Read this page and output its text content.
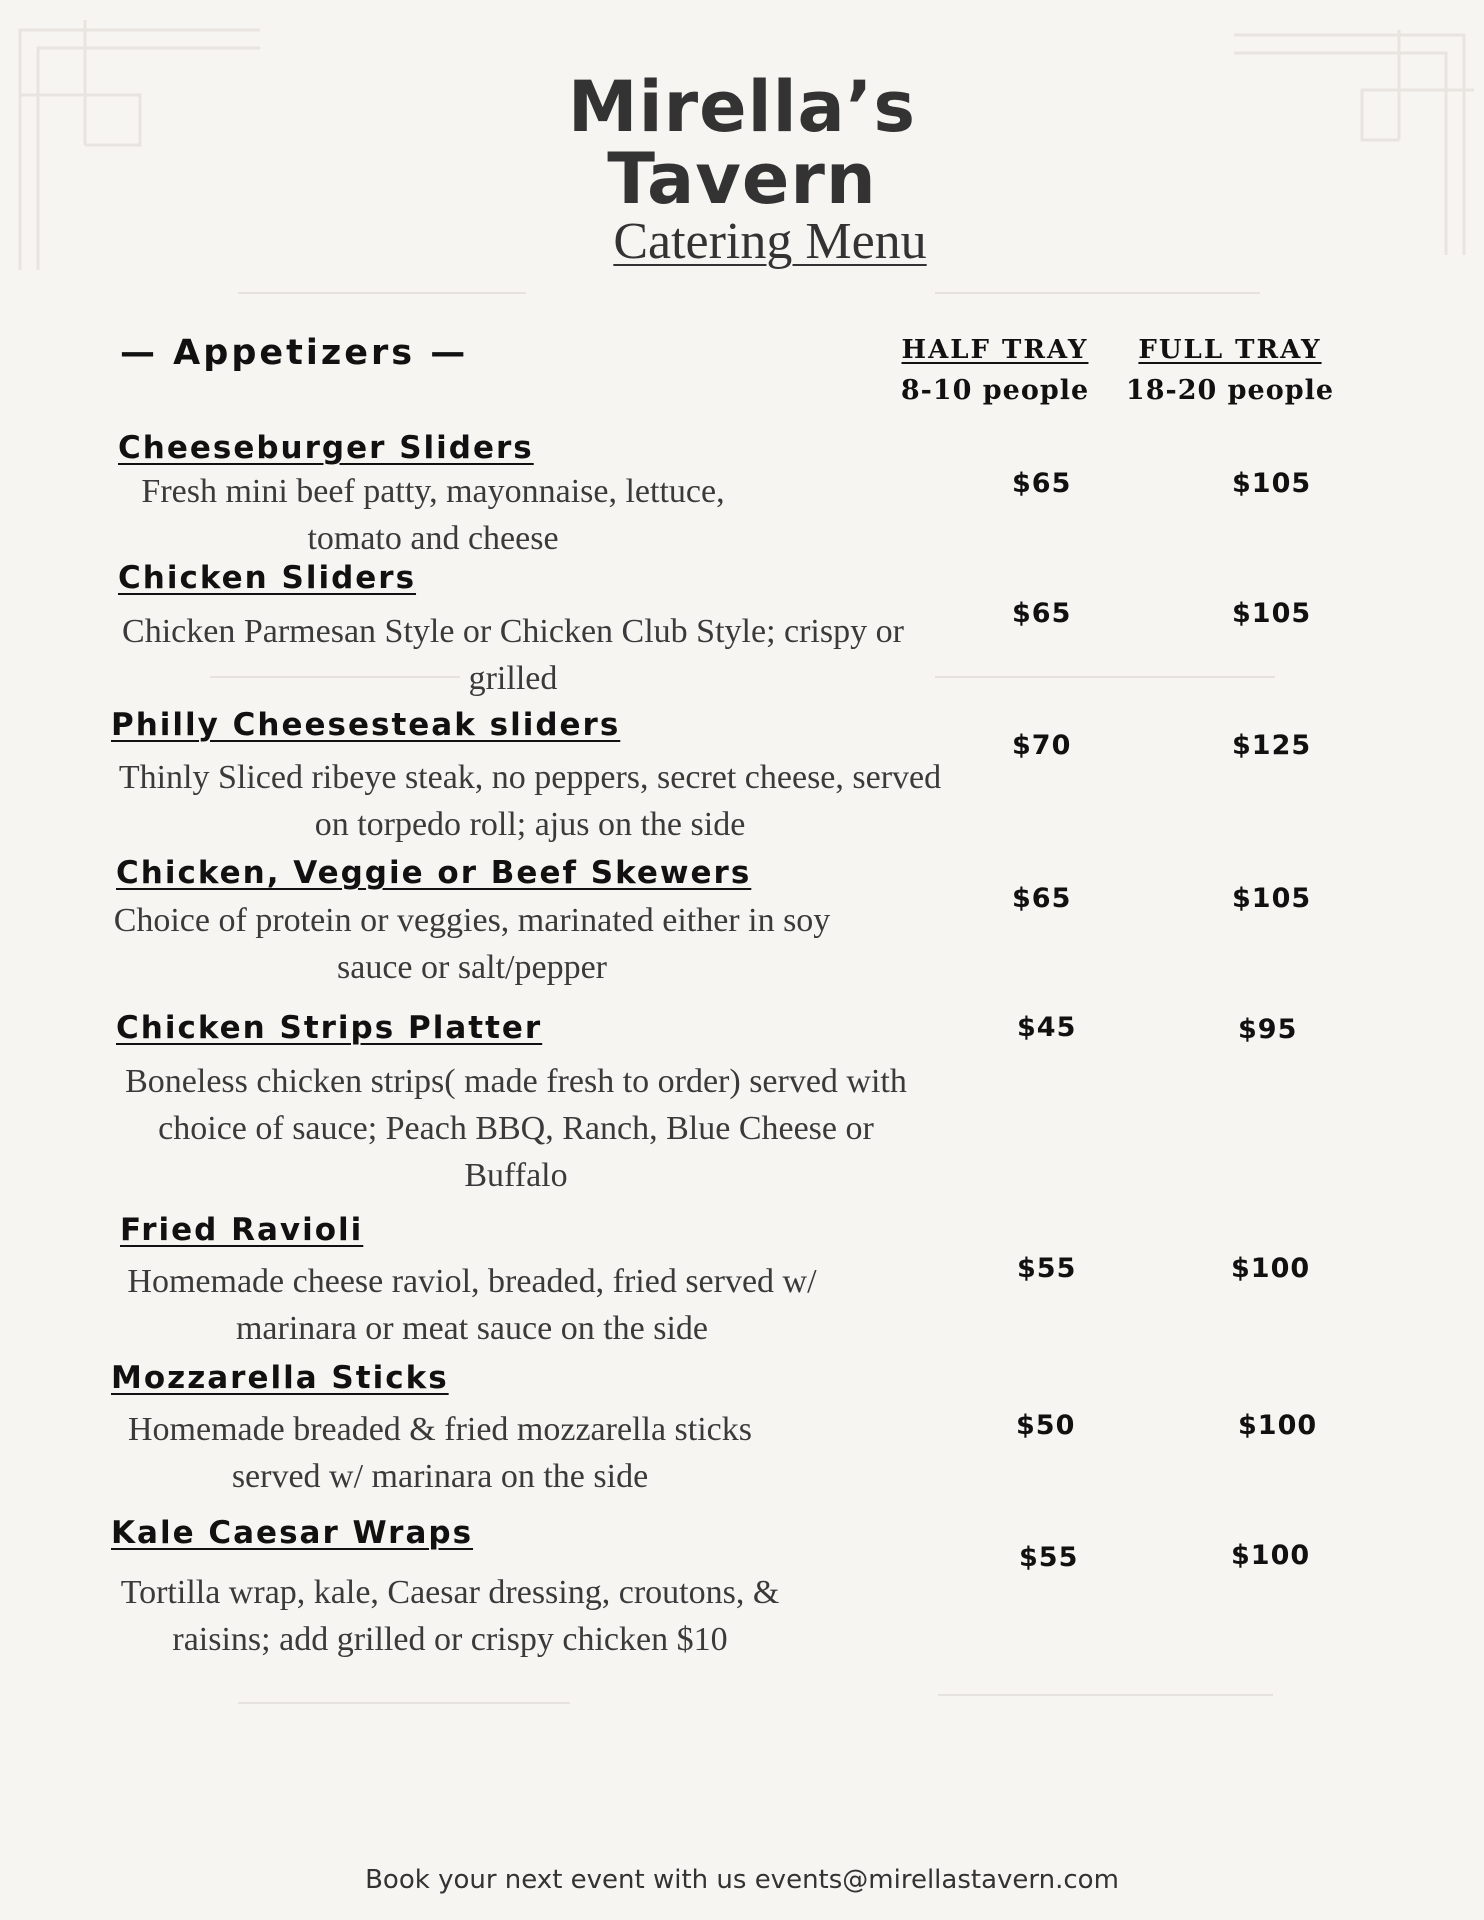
Mirella’s
Tavern
Catering Menu
— Appetizers —	HALF TRAY
8-10 people
FULL TRAY
18-20 people
Cheeseburger Sliders
Fresh mini beef patty, mayonnaise, lettuce,
tomato and cheese
$65	$105
Chicken Sliders
Chicken Parmesan Style or Chicken Club Style; crispy or
grilled
$65	$105
Philly Cheesesteak sliders
Thinly Sliced ribeye steak, no peppers, secret cheese, served
on torpedo roll; ajus on the side
$70	$125
Chicken, Veggie or Beef Skewers
Choice of protein or veggies, marinated either in soy
sauce or salt/pepper
$65	$105
Chicken Strips Platter
Boneless chicken strips( made fresh to order) served with
choice of sauce; Peach BBQ, Ranch, Blue Cheese or
Buffalo
$45	$95
Fried Ravioli
Homemade cheese raviol, breaded, fried served w/
marinara or meat sauce on the side
$55	$100
Mozzarella Sticks
Homemade breaded & fried mozzarella sticks
served w/ marinara on the side
$50	$100
Kale Caesar Wraps
Tortilla wrap, kale, Caesar dressing, croutons, &
raisins; add grilled or crispy chicken $10
$55	$100
Book your next event with us events@mirellastavern.com
